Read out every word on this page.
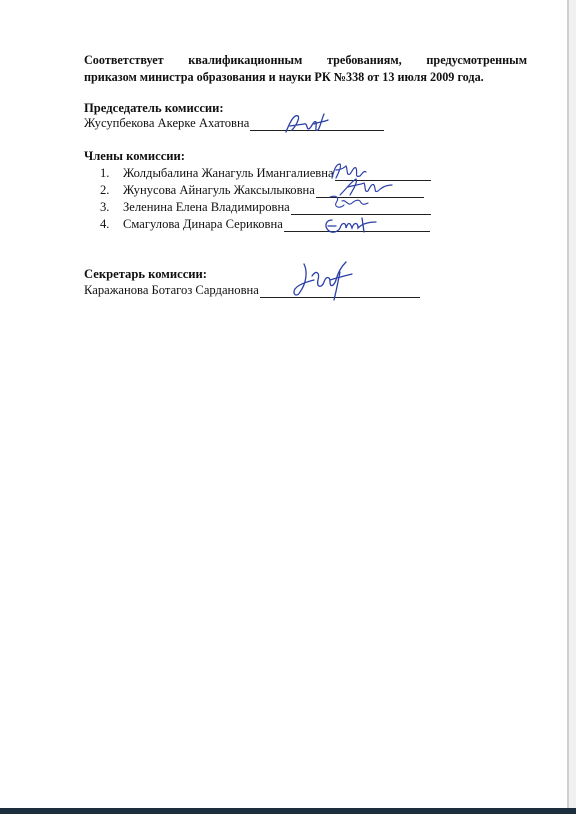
Соответствует квалификационным требованиям, предусмотренным
приказом министра образования и науки РК №338 от 13 июля 2009 года.
Председатель комиссии:
Жусупбекова Акерке Ахатовна
Члены комиссии:
1.	Жолдыбалина Жанагуль Имангалиевна
2.	Жунусова Айнагуль Жаксылыковна
3.	Зеленина Елена Владимировна
4.	Смагулова Динара Сериковна
Секретарь комиссии:
Каражанова Ботагоз Сардановна
